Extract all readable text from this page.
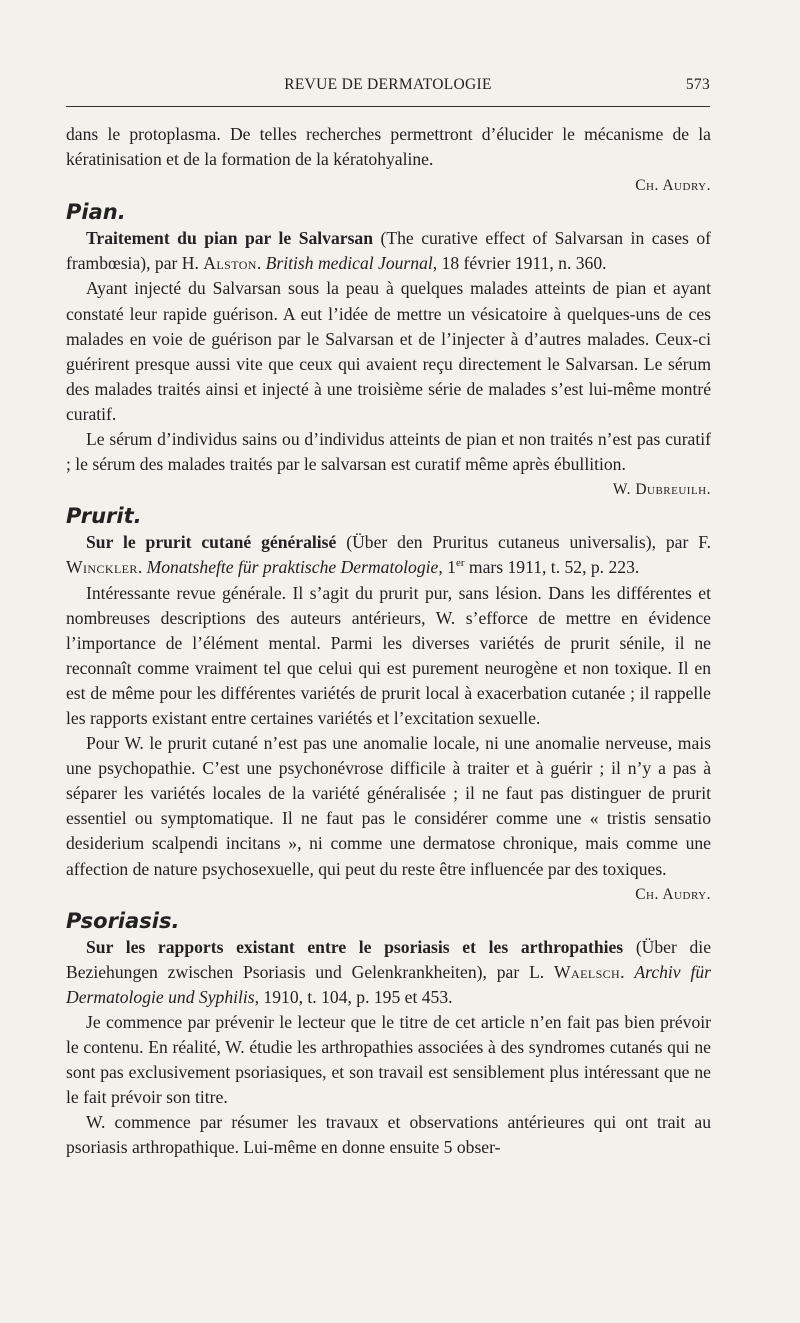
REVUE DE DERMATOLOGIE	573

dans le protoplasma. De telles recherches permettront d’élucider le mécanisme de la kératinisation et de la formation de la kératohyaline.

Ch. Audry.

Pian.

Traitement du pian par le Salvarsan (The curative effect of Salvarsan in cases of frambœsia), par H. Alston. British medical Journal, 18 février 1911, n. 360.

Ayant injecté du Salvarsan sous la peau à quelques malades atteints de pian et ayant constaté leur rapide guérison. A eut l’idée de mettre un vésicatoire à quelques-uns de ces malades en voie de guérison par le Salvarsan et de l’injecter à d’autres malades. Ceux-ci guérirent presque aussi vite que ceux qui avaient reçu directement le Salvarsan. Le sérum des malades traités ainsi et injecté à une troisième série de malades s’est lui-même montré curatif.

Le sérum d’individus sains ou d’individus atteints de pian et non traités n’est pas curatif ; le sérum des malades traités par le salvarsan est curatif même après ébullition.
W. Dubreuilh.

Prurit.

Sur le prurit cutané généralisé (Über den Pruritus cutaneus universalis), par F. Winckler. Monatshefte für praktische Dermatologie, 1er mars 1911, t. 52, p. 223.

Intéressante revue générale. Il s’agit du prurit pur, sans lésion. Dans les différentes et nombreuses descriptions des auteurs antérieurs, W. s’efforce de mettre en évidence l’importance de l’élément mental. Parmi les diverses variétés de prurit sénile, il ne reconnaît comme vraiment tel que celui qui est purement neurogène et non toxique. Il en est de même pour les différentes variétés de prurit local à exacerbation cutanée ; il rappelle les rapports existant entre certaines variétés et l’excitation sexuelle.

Pour W. le prurit cutané n’est pas une anomalie locale, ni une anomalie nerveuse, mais une psychopathie. C’est une psychonévrose difficile à traiter et à guérir ; il n’y a pas à séparer les variétés locales de la variété généralisée ; il ne faut pas distinguer de prurit essentiel ou symptomatique. Il ne faut pas le considérer comme une « tristis sensatio desiderium scalpendi incitans », ni comme une dermatose chronique, mais comme une affection de nature psychosexuelle, qui peut du reste être influencée par des toxiques.
Ch. Audry.

Psoriasis.

Sur les rapports existant entre le psoriasis et les arthropathies (Über die Beziehungen zwischen Psoriasis und Gelenkrankheiten), par L. Waelsch. Archiv für Dermatologie und Syphilis, 1910, t. 104, p. 195 et 453.

Je commence par prévenir le lecteur que le titre de cet article n’en fait pas bien prévoir le contenu. En réalité, W. étudie les arthropathies associées à des syndromes cutanés qui ne sont pas exclusivement psoriasiques, et son travail est sensiblement plus intéressant que ne le fait prévoir son titre.

W. commence par résumer les travaux et observations antérieures qui ont trait au psoriasis arthropathique. Lui-même en donne ensuite 5 obser-
